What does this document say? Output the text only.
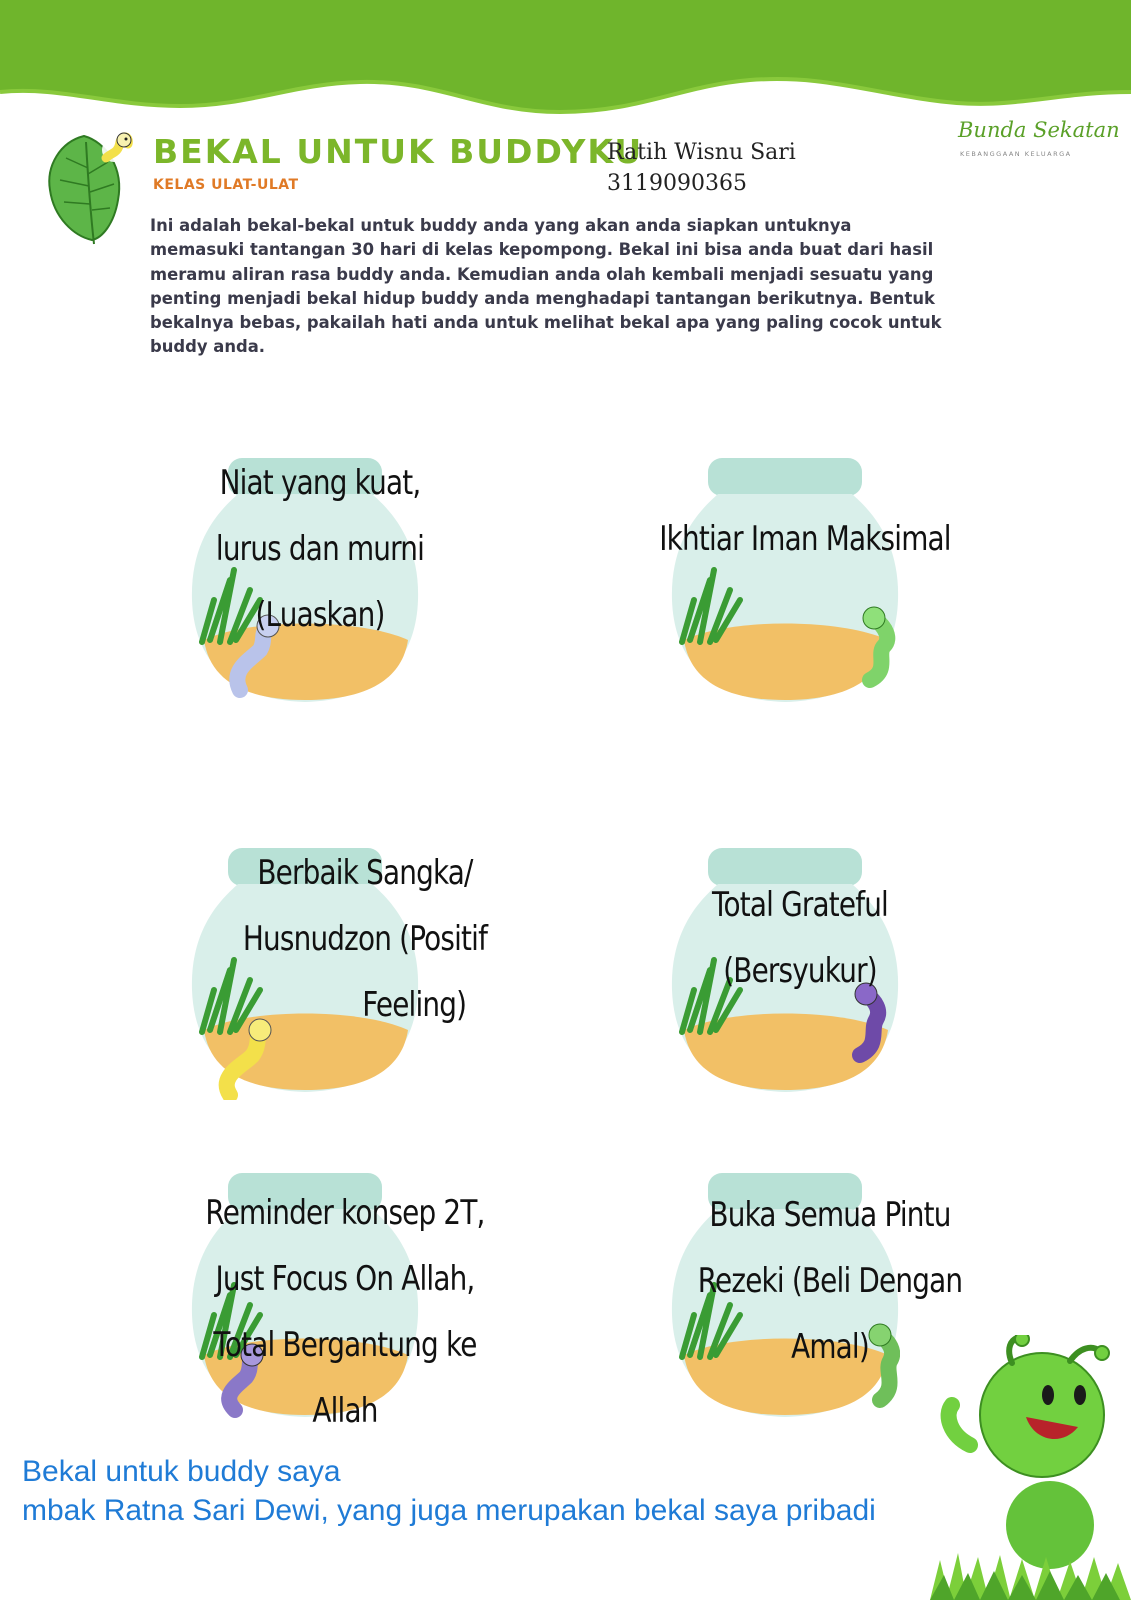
BEKAL UNTUK BUDDYKU
KELAS ULAT-ULAT
Ratih Wisnu Sari
3119090365
Bunda Sekatan
KEBANGGAAN KELUARGA
Ini adalah bekal-bekal untuk buddy anda yang akan anda siapkan untuknya memasuki tantangan 30 hari di kelas kepompong. Bekal ini bisa anda buat dari hasil meramu aliran rasa buddy anda. Kemudian anda olah kembali menjadi sesuatu yang penting menjadi bekal hidup buddy anda menghadapi tantangan berikutnya. Bentuk bekalnya bebas, pakailah hati anda untuk melihat bekal apa yang paling cocok untuk buddy anda.
Niat yang kuat,
lurus dan murni
(Luaskan)
Ikhtiar Iman Maksimal
Berbaik Sangka/
Husnudzon (Positif
Feeling)
Total Grateful
(Bersyukur)
Reminder konsep 2T,
Just Focus On Allah,
Total Bergantung ke
Allah
Buka Semua Pintu
Rezeki (Beli Dengan
Amal)
Bekal untuk buddy saya
mbak Ratna Sari Dewi, yang juga merupakan bekal saya pribadi
